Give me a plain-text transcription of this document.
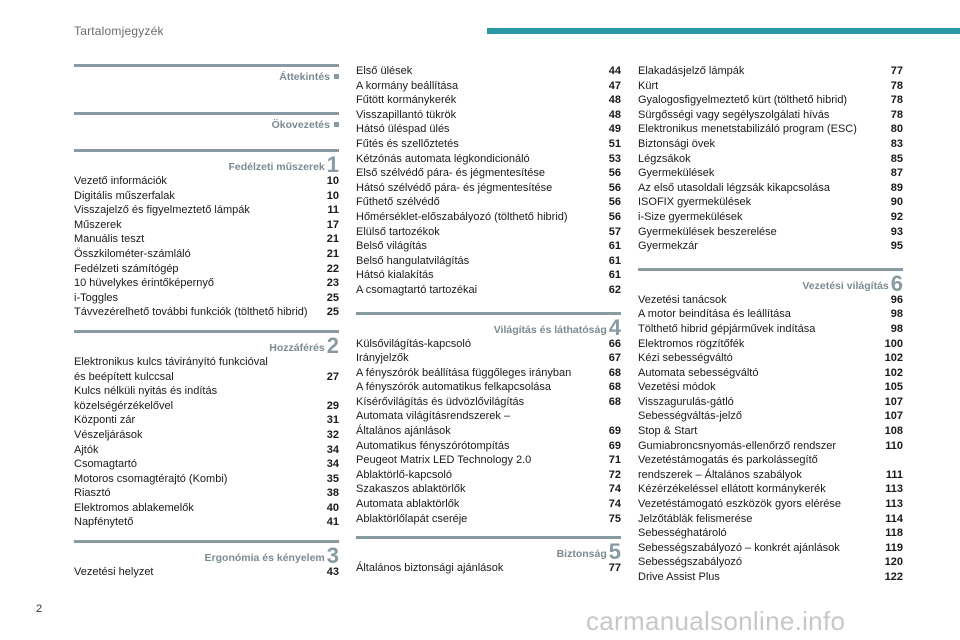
Tartalomjegyzék
Áttekintés
Ökovezetés
Fedélzeti műszerek1
Vezető információk	10
Digitális műszerfalak	10
Visszajelző és figyelmeztető lámpák	11
Műszerek	17
Manuális teszt	21
Összkilométer-számláló	21
Fedélzeti számítógép	22
10 hüvelykes érintőképernyő	23
i-Toggles	25
Távvezérelhető további funkciók (tölthető hibrid) 25
Hozzáférés2
Elektronikus kulcs távirányító funkcióval
és beépített kulccsal	27
Kulcs nélküli nyitás és indítás
közelségérzékelővel	29
Központi zár	31
Vészeljárások	32
Ajtók	34
Csomagtartó	34
Motoros csomagtérajtó (Kombi)	35
Riasztó	38
Elektromos ablakemelők	40
Napfénytető	41
Ergonómia és kényelem3
Vezetési helyzet	43
Első ülések	44
A kormány beállítása	47
Fűtött kormánykerék	48
Visszapillantó tükrök	48
Hátsó üléspad ülés	49
Fűtés és szellőztetés	51
Kétzónás automata légkondicionáló	53
Első szélvédő pára- és jégmentesítése	56
Hátsó szélvédő pára- és jégmentesítése	56
Fűthető szélvédő	56
Hőmérséklet-előszabályozó (tölthető hibrid)	56
Elülső tartozékok	57
Belső világítás	61
Belső hangulatvilágítás	61
Hátsó kialakítás	61
A csomagtartó tartozékai	62
Világítás és láthatóság4
Külsővilágítás-kapcsoló	66
Irányjelzők	67
A fényszórók beállítása függőleges irányban	68
A fényszórók automatikus felkapcsolása	68
Kísérővilágítás és üdvözlővilágítás	68
Automata világításrendszerek –
Általános ajánlások	69
Automatikus fényszórótompítás	69
Peugeot Matrix LED Technology 2.0	71
Ablaktörlő-kapcsoló	72
Szakaszos ablaktörlők	74
Automata ablaktörlők	74
Ablaktörlőlapát cseréje	75
Biztonság5
Általános biztonsági ajánlások	77
Elakadásjelző lámpák	77
Kürt	78
Gyalogosfigyelmeztető kürt (tölthető hibrid)	78
Sürgősségi vagy segélyszolgálati hívás	78
Elektronikus menetstabilizáló program (ESC)	80
Biztonsági övek	83
Légzsákok	85
Gyermekülések	87
Az első utasoldali légzsák kikapcsolása	89
ISOFIX gyermekülések	90
i-Size gyermekülések	92
Gyermekülések beszerelése	93
Gyermekzár	95
Vezetési világítás6
Vezetési tanácsok	96
A motor beindítása és leállítása	98
Tölthető hibrid gépjárművek indítása	98
Elektromos rögzítőfék	100
Kézi sebességváltó	102
Automata sebességváltó	102
Vezetési módok	105
Visszagurulás-gátló	107
Sebességváltás-jelző	107
Stop & Start	108
Gumiabroncsnyomás-ellenőrző rendszer	110
Vezetéstámogatás és parkolássegítő
rendszerek – Általános szabályok	111
Kézérzékeléssel ellátott kormánykerék	113
Vezetéstámogató eszközök gyors elérése	113
Jelzőtáblák felismerése	114
Sebességhatároló	118
Sebességszabályozó – konkrét ajánlások	119
Sebességszabályozó	120
Drive Assist Plus	122
2	carmanualsonline.info
